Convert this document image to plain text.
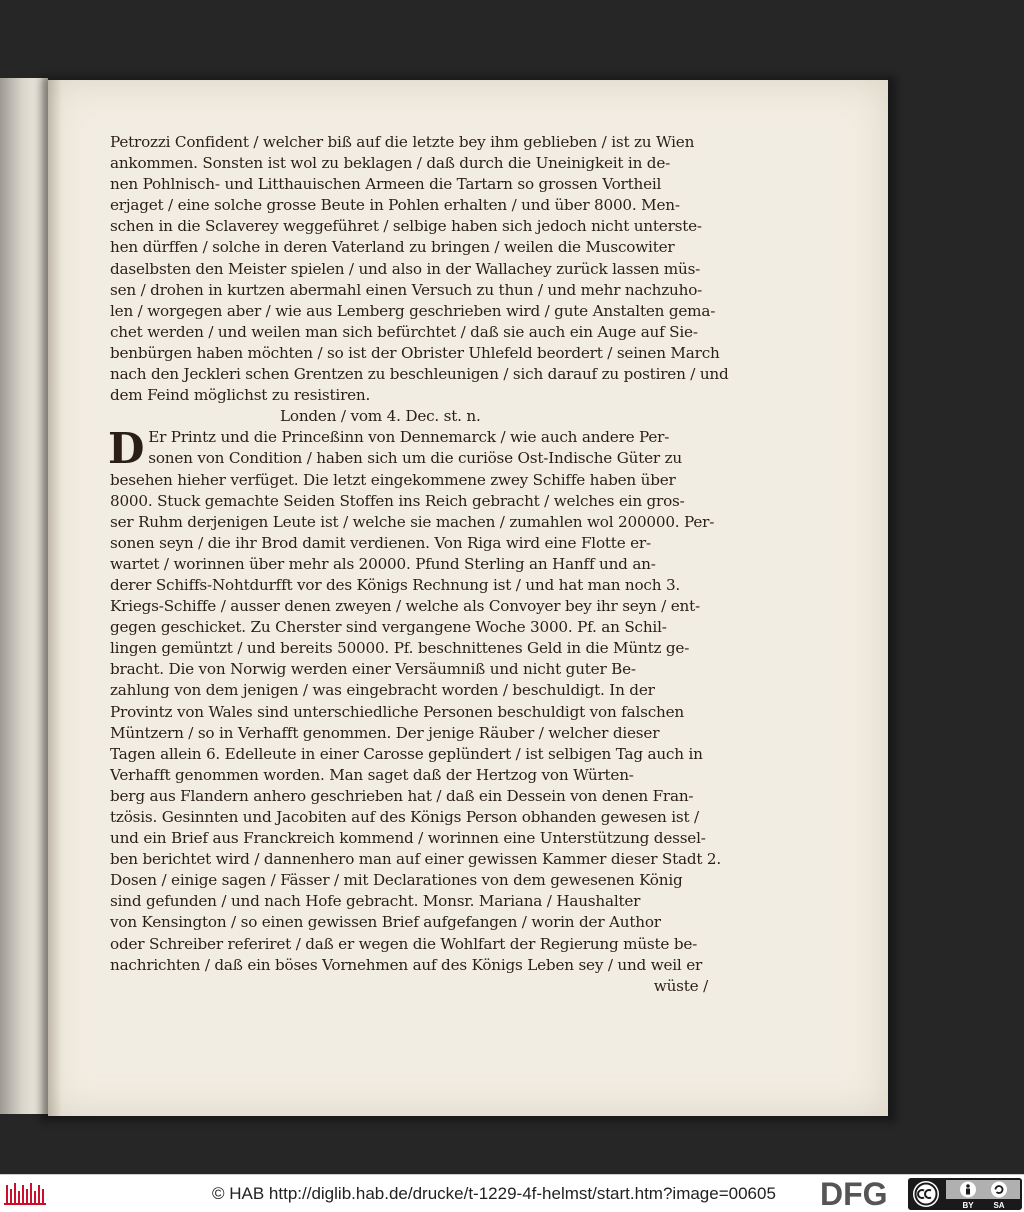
Petrozzi Confident / welcher biß auf die letzte bey ihm geblieben / ist zu Wien
ankommen. Sonsten ist wol zu beklagen / daß durch die Uneinigkeit in de-
nen Pohlnisch- und Litthauischen Armeen die Tartarn so grossen Vortheil
erjaget / eine solche grosse Beute in Pohlen erhalten / und über 8000. Men-
schen in die Sclaverey weggeführet / selbige haben sich jedoch nicht unterste-
hen dürffen / solche in deren Vaterland zu bringen / weilen die Muscowiter
daselbsten den Meister spielen / und also in der Wallachey zurück lassen müs-
sen / drohen in kurtzen abermahl einen Versuch zu thun / und mehr nachzuho-
len / worgegen aber / wie aus Lemberg geschrieben wird / gute Anstalten gema-
chet werden / und weilen man sich befürchtet / daß sie auch ein Auge auf Sie-
benbürgen haben möchten / so ist der Obrister Uhlefeld beordert / seinen March
nach den Jeckleri schen Grentzen zu beschleunigen / sich darauf zu postiren / und
dem Feind möglichst zu resistiren.
Londen / vom 4. Dec. st. n.
D Er Printz und die Princeßinn von Dennemarck / wie auch andere Per-
sonen von Condition / haben sich um die curiöse Ost-Indische Güter zu
besehen hieher verfüget. Die letzt eingekommene zwey Schiffe haben über
8000. Stuck gemachte Seiden Stoffen ins Reich gebracht / welches ein gros-
ser Ruhm derjenigen Leute ist / welche sie machen / zumahlen wol 200000. Per-
sonen seyn / die ihr Brod damit verdienen. Von Riga wird eine Flotte er-
wartet / worinnen über mehr als 20000. Pfund Sterling an Hanff und an-
derer Schiffs-Nohtdurfft vor des Königs Rechnung ist / und hat man noch 3.
Kriegs-Schiffe / ausser denen zweyen / welche als Convoyer bey ihr seyn / ent-
gegen geschicket. Zu Cherster sind vergangene Woche 3000. Pf. an Schil-
lingen gemüntzt / und bereits 50000. Pf. beschnittenes Geld in die Müntz ge-
bracht. Die von Norwig werden einer Versäumniß und nicht guter Be-
zahlung von dem jenigen / was eingebracht worden / beschuldigt. In der
Provintz von Wales sind unterschiedliche Personen beschuldigt von falschen
Müntzern / so in Verhafft genommen. Der jenige Räuber / welcher dieser
Tagen allein 6. Edelleute in einer Carosse geplündert / ist selbigen Tag auch in
Verhafft genommen worden. Man saget daß der Hertzog von Würten-
berg aus Flandern anhero geschrieben hat / daß ein Dessein von denen Fran-
tzösis. Gesinnten und Jacobiten auf des Königs Person obhanden gewesen ist /
und ein Brief aus Franckreich kommend / worinnen eine Unterstützung dessel-
ben berichtet wird / dannenhero man auf einer gewissen Kammer dieser Stadt 2.
Dosen / einige sagen / Fässer / mit Declarationes von dem gewesenen König
sind gefunden / und nach Hofe gebracht. Monsr. Mariana / Haushalter
von Kensington / so einen gewissen Brief aufgefangen / worin der Author
oder Schreiber referiret / daß er wegen die Wohlfart der Regierung müste be-
nachrichten / daß ein böses Vornehmen auf des Königs Leben sey / und weil er
wüste /
© HAB http://diglib.hab.de/drucke/t-1229-4f-helmst/start.htm?image=00605 DFG	BY SA
